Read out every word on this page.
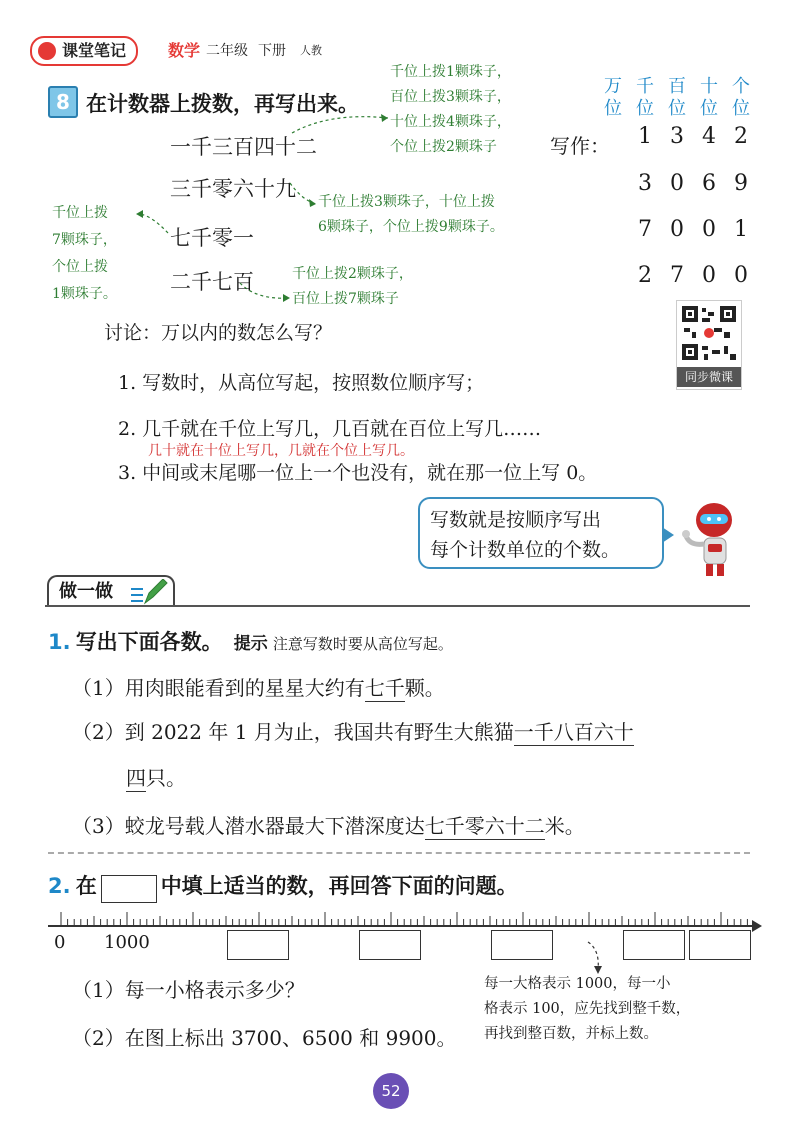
课堂笔记	数学 二年级 下册 人教
8 在计数器上拨数，再写出来。
万位
千位
百位
十位
个位
一千三百四十二
三千零六十九
七千零一
二千七百
写作： 1 3 4 2
3 0 6 9
7 0 0 1
2 7 0 0
千位上拨1颗珠子，
百位上拨3颗珠子，
十位上拨4颗珠子，
个位上拨2颗珠子
千位上拨3颗珠子，十位上拨
6颗珠子，个位上拨9颗珠子。
千位上拨
7颗珠子，
个位上拨
1颗珠子。
千位上拨2颗珠子，
百位上拨7颗珠子
同步微课
讨论：万以内的数怎么写？
1. 写数时，从高位写起，按照数位顺序写；
2. 几千就在千位上写几，几百就在百位上写几……
几十就在十位上写几，几就在个位上写几。
3. 中间或末尾哪一位上一个也没有，就在那一位上写 0。
写数就是按顺序写出
每个计数单位的个数。
做一做
1. 写出下面各数。 提示 注意写数时要从高位写起。
（1）用肉眼能看到的星星大约有七千颗。
（2）到 2022 年 1 月为止，我国共有野生大熊猫一千八百六十
四只。
（3）蛟龙号载人潜水器最大下潜深度达七千零六十二米。
2. 在	中填上适当的数，再回答下面的问题。
0 1000
每一大格表示 1000，每一小
格表示 100，应先找到整千数，
再找到整百数，并标上数。
（1）每一小格表示多少？
（2）在图上标出 3700、6500 和 9900。
52
